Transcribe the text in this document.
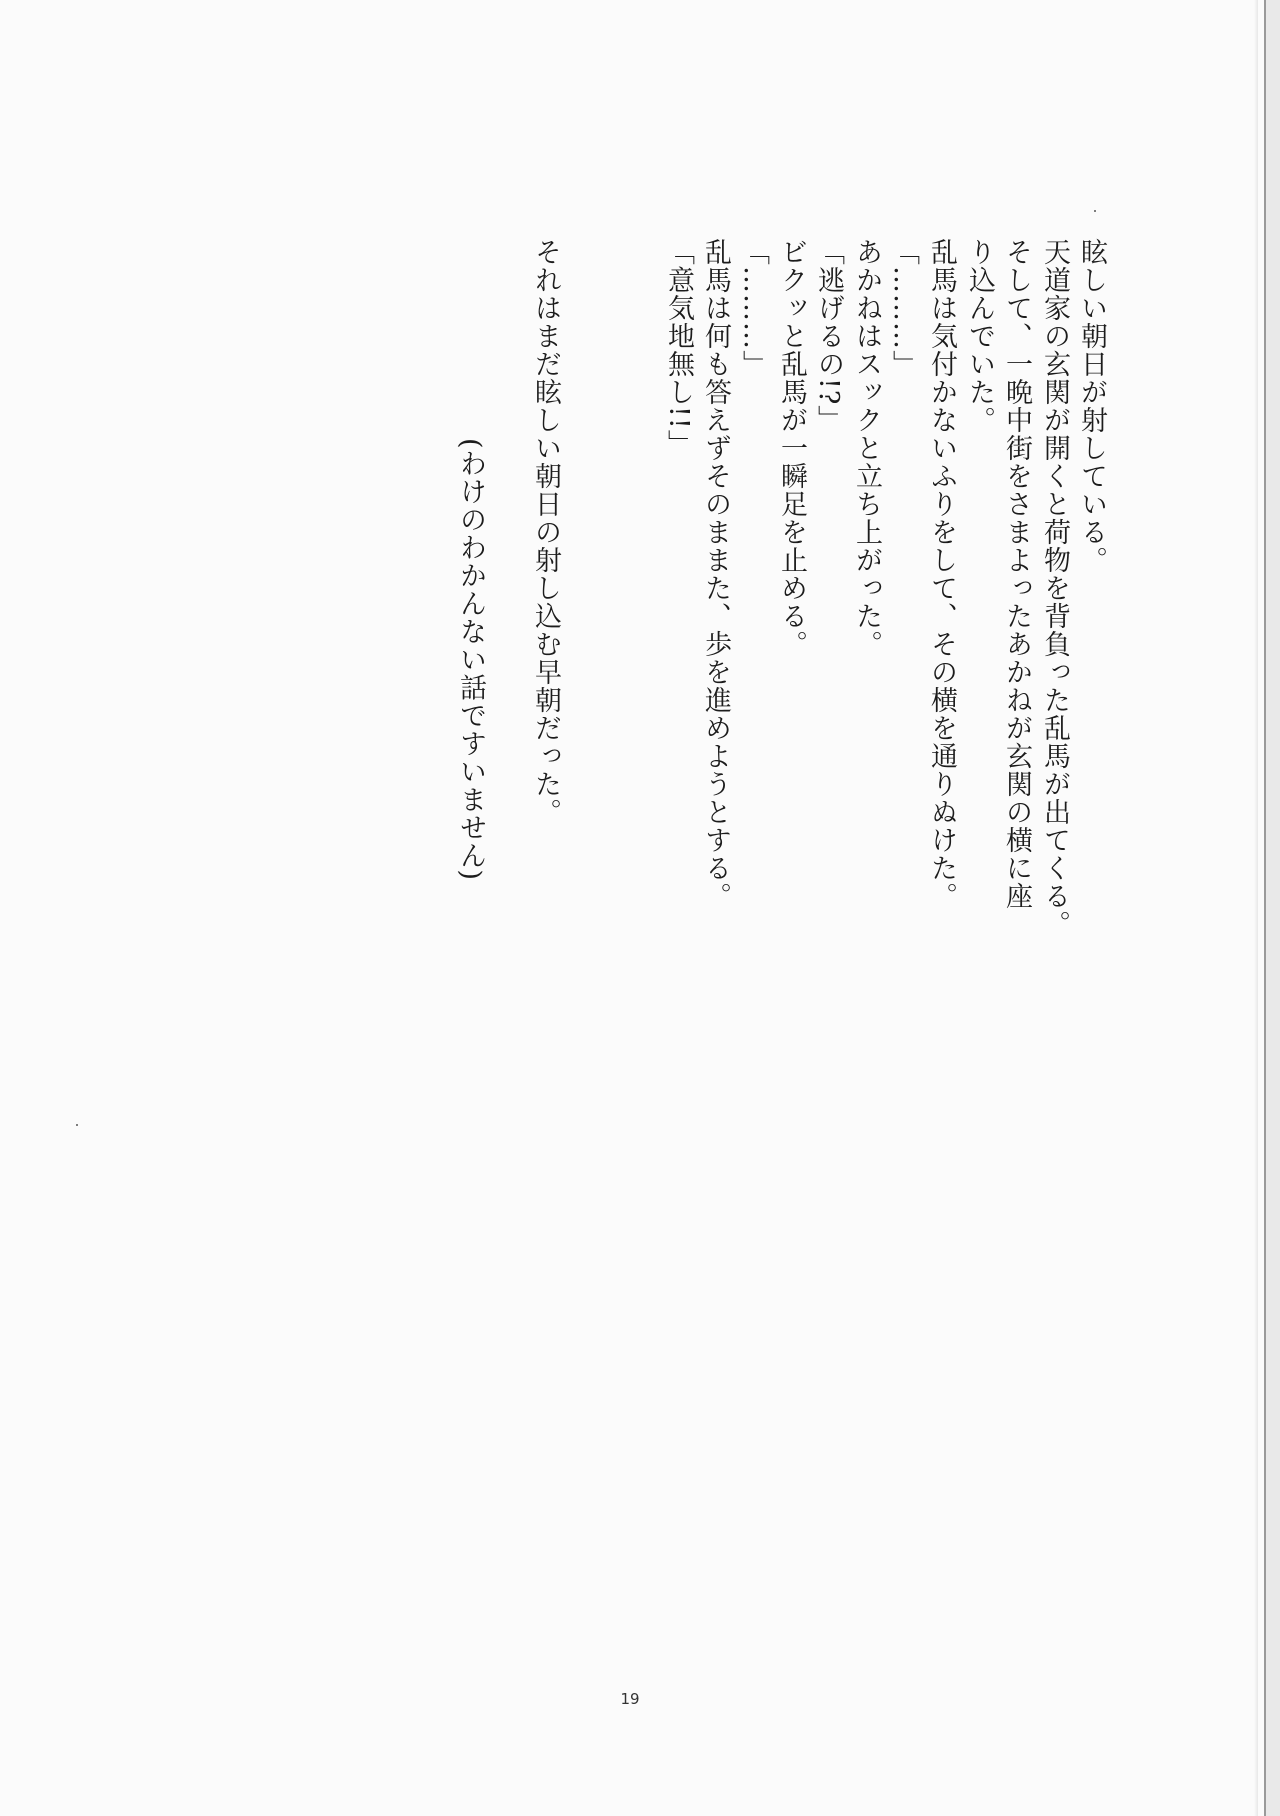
眩しい朝日が射している。
天道家の玄関が開くと荷物を背負った乱馬が出てくる。
そして、一晩中街をさまよったあかねが玄関の横に座
り込んでいた。
乱馬は気付かないふりをして、その横を通りぬけた。
「………」
あかねはスックと立ち上がった。
「逃げるの!?」
ビクッと乱馬が一瞬足を止める。
「………」
乱馬は何も答えずそのままた、歩を進めようとする。
「意気地無し!!」
それはまだ眩しい朝日の射し込む早朝だった。
(わけのわかんない話ですいません)
19
